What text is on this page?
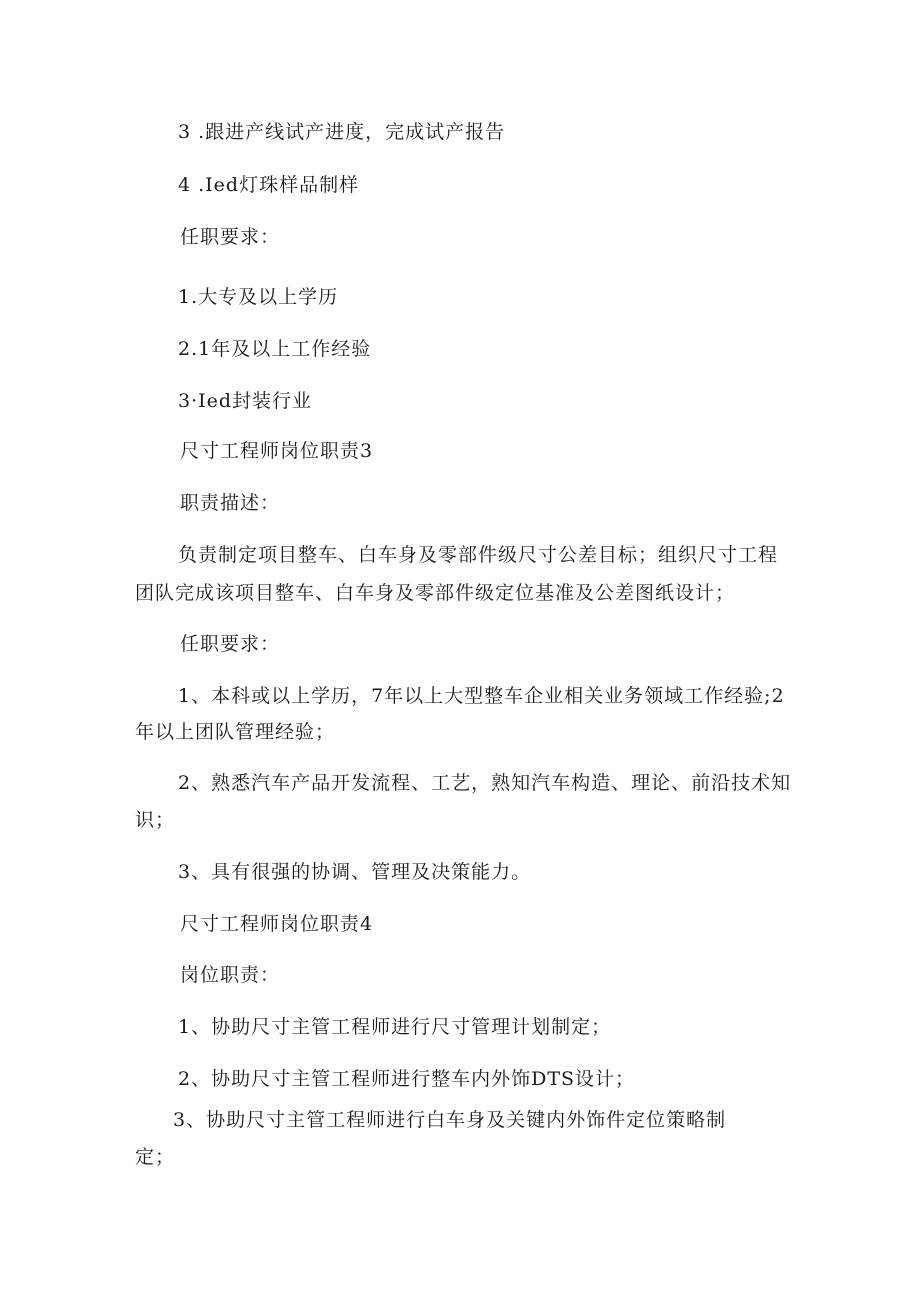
3 .跟进产线试产进度，完成试产报告
4 .Ied灯珠样品制样
任职要求：
1.大专及以上学历
2.1年及以上工作经验
3·Ied封装行业
尺寸工程师岗位职责3
职责描述：
负责制定项目整车、白车身及零部件级尺寸公差目标；组织尺寸工程
团队完成该项目整车、白车身及零部件级定位基准及公差图纸设计；
任职要求：
1、本科或以上学历，7年以上大型整车企业相关业务领域工作经验;2
年以上团队管理经验；
2、熟悉汽车产品开发流程、工艺，熟知汽车构造、理论、前沿技术知
识；
3、具有很强的协调、管理及决策能力。
尺寸工程师岗位职责4
岗位职责：
1、协助尺寸主管工程师进行尺寸管理计划制定；
2、协助尺寸主管工程师进行整车内外饰DTS设计；
3、协助尺寸主管工程师进行白车身及关键内外饰件定位策略制
定；
